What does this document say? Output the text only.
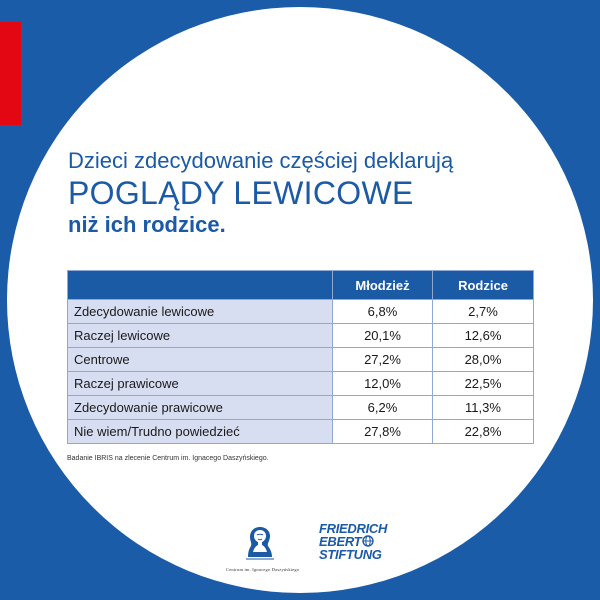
Dzieci zdecydowanie częściej deklarują
POGLĄDY LEWICOWE
niż ich rodzice.
	Młodzież	Rodzice
Zdecydowanie lewicowe	6,8%	2,7%
Raczej lewicowe	20,1%	12,6%
Centrowe	27,2%	28,0%
Raczej prawicowe	12,0%	22,5%
Zdecydowanie prawicowe	6,2%	11,3%
Nie wiem/Trudno powiedzieć	27,8%	22,8%
Badanie IBRIS na zlecenie Centrum im. Ignacego Daszyńskiego.
Centrum im. Ignacego Daszyńskiego
FRIEDRICH
EBERT
STIFTUNG
